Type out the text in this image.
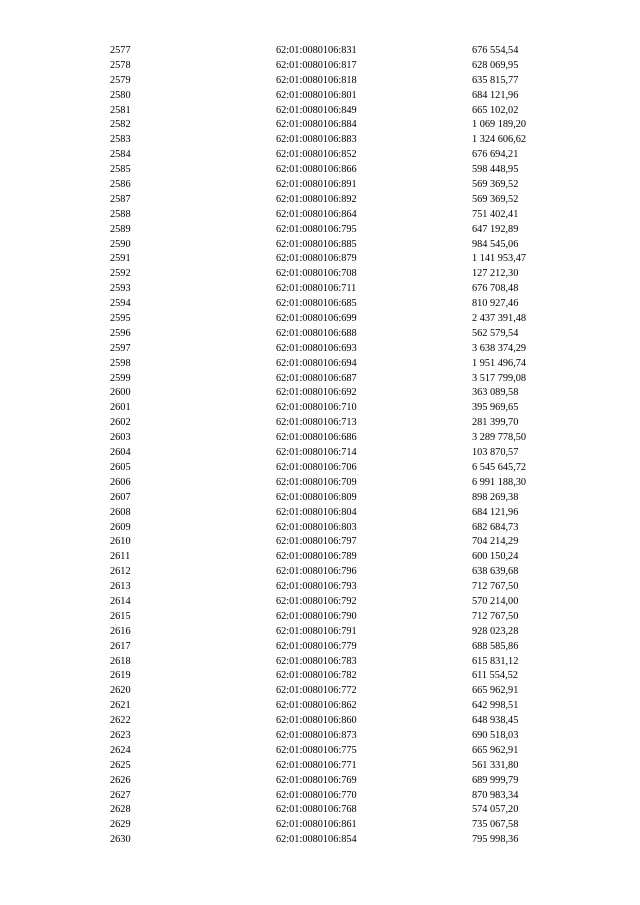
2577	62:01:0080106:831	676 554,54
2578	62:01:0080106:817	628 069,95
2579	62:01:0080106:818	635 815,77
2580	62:01:0080106:801	684 121,96
2581	62:01:0080106:849	665 102,02
2582	62:01:0080106:884	1 069 189,20
2583	62:01:0080106:883	1 324 606,62
2584	62:01:0080106:852	676 694,21
2585	62:01:0080106:866	598 448,95
2586	62:01:0080106:891	569 369,52
2587	62:01:0080106:892	569 369,52
2588	62:01:0080106:864	751 402,41
2589	62:01:0080106:795	647 192,89
2590	62:01:0080106:885	984 545,06
2591	62:01:0080106:879	1 141 953,47
2592	62:01:0080106:708	127 212,30
2593	62:01:0080106:711	676 708,48
2594	62:01:0080106:685	810 927,46
2595	62:01:0080106:699	2 437 391,48
2596	62:01:0080106:688	562 579,54
2597	62:01:0080106:693	3 638 374,29
2598	62:01:0080106:694	1 951 496,74
2599	62:01:0080106:687	3 517 799,08
2600	62:01:0080106:692	363 089,58
2601	62:01:0080106:710	395 969,65
2602	62:01:0080106:713	281 399,70
2603	62:01:0080106:686	3 289 778,50
2604	62:01:0080106:714	103 870,57
2605	62:01:0080106:706	6 545 645,72
2606	62:01:0080106:709	6 991 188,30
2607	62:01:0080106:809	898 269,38
2608	62:01:0080106:804	684 121,96
2609	62:01:0080106:803	682 684,73
2610	62:01:0080106:797	704 214,29
2611	62:01:0080106:789	600 150,24
2612	62:01:0080106:796	638 639,68
2613	62:01:0080106:793	712 767,50
2614	62:01:0080106:792	570 214,00
2615	62:01:0080106:790	712 767,50
2616	62:01:0080106:791	928 023,28
2617	62:01:0080106:779	688 585,86
2618	62:01:0080106:783	615 831,12
2619	62:01:0080106:782	611 554,52
2620	62:01:0080106:772	665 962,91
2621	62:01:0080106:862	642 998,51
2622	62:01:0080106:860	648 938,45
2623	62:01:0080106:873	690 518,03
2624	62:01:0080106:775	665 962,91
2625	62:01:0080106:771	561 331,80
2626	62:01:0080106:769	689 999,79
2627	62:01:0080106:770	870 983,34
2628	62:01:0080106:768	574 057,20
2629	62:01:0080106:861	735 067,58
2630	62:01:0080106:854	795 998,36
